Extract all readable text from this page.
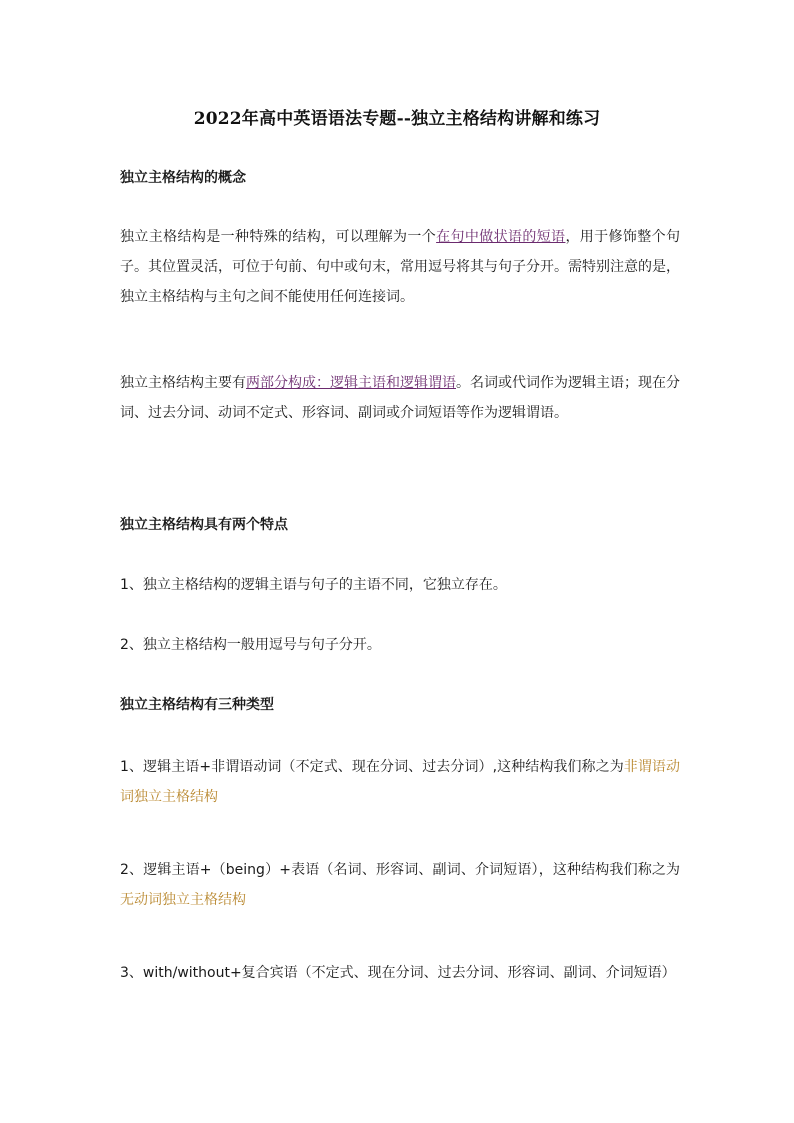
2022年高中英语语法专题--独立主格结构讲解和练习
独立主格结构的概念
独立主格结构是一种特殊的结构，可以理解为一个在句中做状语的短语，用于修饰整个句子。其位置灵活，可位于句前、句中或句末，常用逗号将其与句子分开。需特别注意的是，独立主格结构与主句之间不能使用任何连接词。
独立主格结构主要有两部分构成：逻辑主语和逻辑谓语。名词或代词作为逻辑主语；现在分词、过去分词、动词不定式、形容词、副词或介词短语等作为逻辑谓语。
独立主格结构具有两个特点
1、独立主格结构的逻辑主语与句子的主语不同，它独立存在。
2、独立主格结构一般用逗号与句子分开。
独立主格结构有三种类型
1、逻辑主语+非谓语动词（不定式、现在分词、过去分词）,这种结构我们称之为非谓语动词独立主格结构
2、逻辑主语+（being）+表语（名词、形容词、副词、介词短语），这种结构我们称之为无动词独立主格结构
3、with/without+复合宾语（不定式、现在分词、过去分词、形容词、副词、介词短语）
